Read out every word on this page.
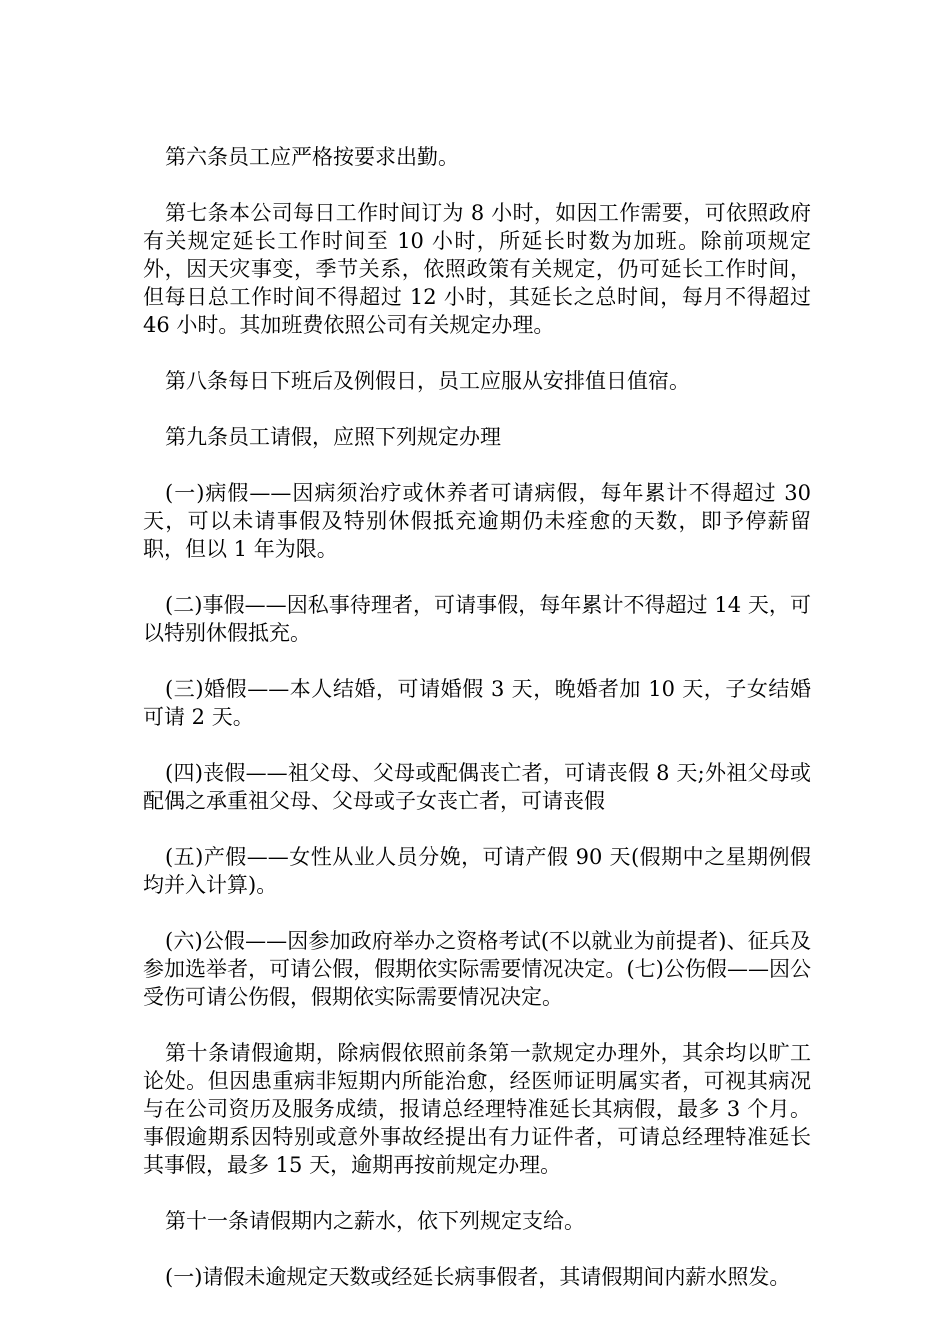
第六条员工应严格按要求出勤。

第七条本公司每日工作时间订为 8 小时，如因工作需要，可依照政府有关规定延长工作时间至 10 小时，所延长时数为加班。除前项规定外，因天灾事变，季节关系，依照政策有关规定，仍可延长工作时间，但每日总工作时间不得超过 12 小时，其延长之总时间，每月不得超过 46 小时。其加班费依照公司有关规定办理。

第八条每日下班后及例假日，员工应服从安排值日值宿。

第九条员工请假，应照下列规定办理

(一)病假——因病须治疗或休养者可请病假，每年累计不得超过 30 天，可以未请事假及特别休假抵充逾期仍未痊愈的天数，即予停薪留职，但以 1 年为限。

(二)事假——因私事待理者，可请事假，每年累计不得超过 14 天，可以特别休假抵充。

(三)婚假——本人结婚，可请婚假 3 天，晚婚者加 10 天，子女结婚可请 2 天。

(四)丧假——祖父母、父母或配偶丧亡者，可请丧假 8 天;外祖父母或配偶之承重祖父母、父母或子女丧亡者，可请丧假

(五)产假——女性从业人员分娩，可请产假 90 天(假期中之星期例假均并入计算)。

(六)公假——因参加政府举办之资格考试(不以就业为前提者)、征兵及参加选举者，可请公假，假期依实际需要情况决定。(七)公伤假——因公受伤可请公伤假，假期依实际需要情况决定。

第十条请假逾期，除病假依照前条第一款规定办理外，其余均以旷工论处。但因患重病非短期内所能治愈，经医师证明属实者，可视其病况与在公司资历及服务成绩，报请总经理特准延长其病假，最多 3 个月。事假逾期系因特别或意外事故经提出有力证件者，可请总经理特准延长其事假，最多 15 天，逾期再按前规定办理。

第十一条请假期内之薪水，依下列规定支给。

(一)请假未逾规定天数或经延长病事假者，其请假期间内薪水照发。
